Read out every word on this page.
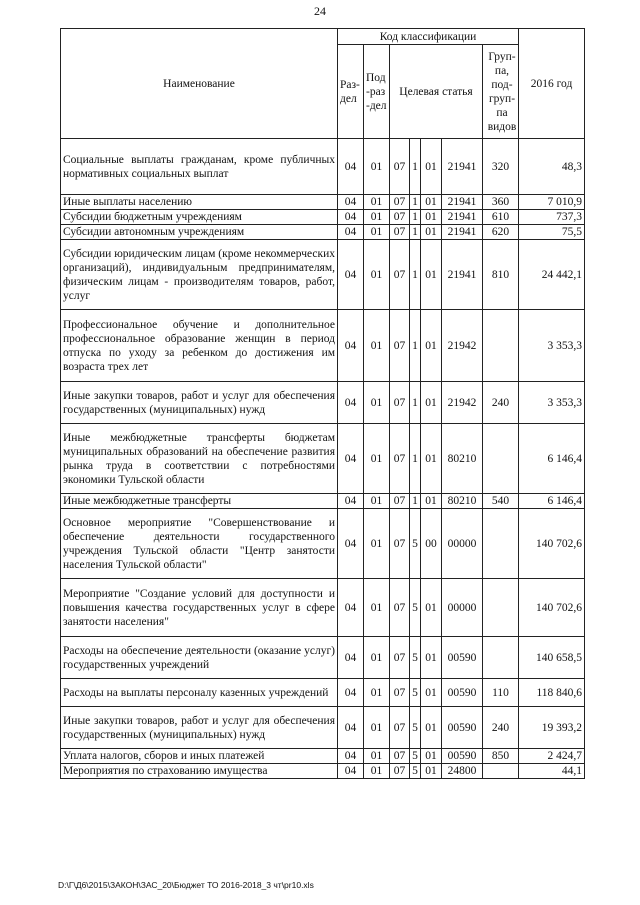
24
Наименование	Код классификации							2016 год

	Раз-дел	Под-раз-дел	Целевая статья				Груп-па, под-груп-па видов	

Социальные выплаты гражданам, кроме публичных нормативных социальных выплат	04	01	07	1	01	21941	320	48,3
Иные выплаты населению	04	01	07	1	01	21941	360	7 010,9
Субсидии бюджетным учреждениям	04	01	07	1	01	21941	610	737,3
Субсидии автономным учреждениям	04	01	07	1	01	21941	620	75,5
Субсидии юридическим лицам (кроме некоммерческих организаций), индивидуальным предпринимателям, физическим лицам - производителям товаров, работ, услуг	04	01	07	1	01	21941	810	24 442,1
Профессиональное обучение и дополнительное профессиональное образование женщин в период отпуска по уходу за ребенком до достижения им возраста трех лет	04	01	07	1	01	21942		3 353,3
Иные закупки товаров, работ и услуг для обеспечения государственных (муниципальных) нужд	04	01	07	1	01	21942	240	3 353,3
Иные межбюджетные трансферты бюджетам муниципальных образований на обеспечение развития рынка труда в соответствии с потребностями экономики Тульской области	04	01	07	1	01	80210		6 146,4
Иные межбюджетные трансферты	04	01	07	1	01	80210	540	6 146,4
Основное мероприятие "Совершенствование и обеспечение деятельности государственного учреждения Тульской области "Центр занятости населения Тульской области"	04	01	07	5	00	00000		140 702,6
Мероприятие "Создание условий для доступности и повышения качества государственных услуг в сфере занятости населения"	04	01	07	5	01	00000		140 702,6
Расходы на обеспечение деятельности (оказание услуг) государственных учреждений	04	01	07	5	01	00590		140 658,5
Расходы на выплаты персоналу казенных учреждений	04	01	07	5	01	00590	110	118 840,6
Иные закупки товаров, работ и услуг для обеспечения государственных (муниципальных) нужд	04	01	07	5	01	00590	240	19 393,2
Уплата налогов, сборов и иных платежей	04	01	07	5	01	00590	850	2 424,7
Мероприятия по страхованию имущества	04	01	07	5	01	24800		44,1
D:\Г\Д6\2015\ЗАКОН\ЗАС_20\Бюджет ТО 2016-2018_3 чт\pr10.xls
